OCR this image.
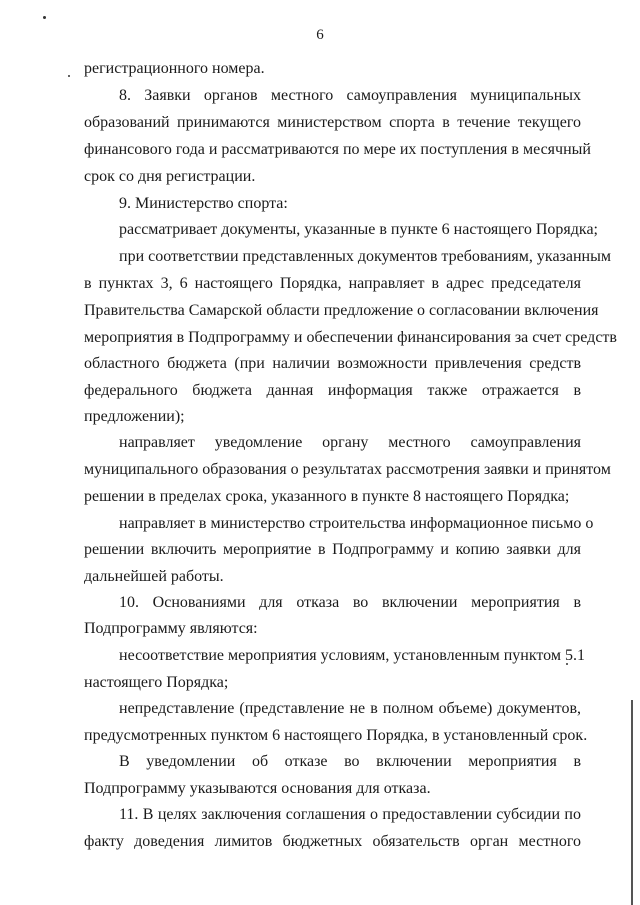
6
регистрационного номера.
8. Заявки органов местного самоуправления муниципальных
образований принимаются министерством спорта в течение текущего
финансового года и рассматриваются по мере их поступления в месячный
срок со дня регистрации.
9. Министерство спорта:
рассматривает документы, указанные в пункте 6 настоящего Порядка;
при соответствии представленных документов требованиям, указанным
в пунктах 3, 6 настоящего Порядка, направляет в адрес председателя
Правительства Самарской области предложение о согласовании включения
мероприятия в Подпрограмму и обеспечении финансирования за счет средств
областного бюджета (при наличии возможности привлечения средств
федерального бюджета данная информация также отражается в
предложении);
направляет уведомление органу местного самоуправления
муниципального образования о результатах рассмотрения заявки и принятом
решении в пределах срока, указанного в пункте 8 настоящего Порядка;
направляет в министерство строительства информационное письмо о
решении включить мероприятие в Подпрограмму и копию заявки для
дальнейшей работы.
10. Основаниями для отказа во включении мероприятия в
Подпрограмму являются:
несоответствие мероприятия условиям, установленным пунктом 5.1
настоящего Порядка;
непредставление (представление не в полном объеме) документов,
предусмотренных пунктом 6 настоящего Порядка, в установленный срок.
В уведомлении об отказе во включении мероприятия в
Подпрограмму указываются основания для отказа.
11. В целях заключения соглашения о предоставлении субсидии по
факту доведения лимитов бюджетных обязательств орган местного
